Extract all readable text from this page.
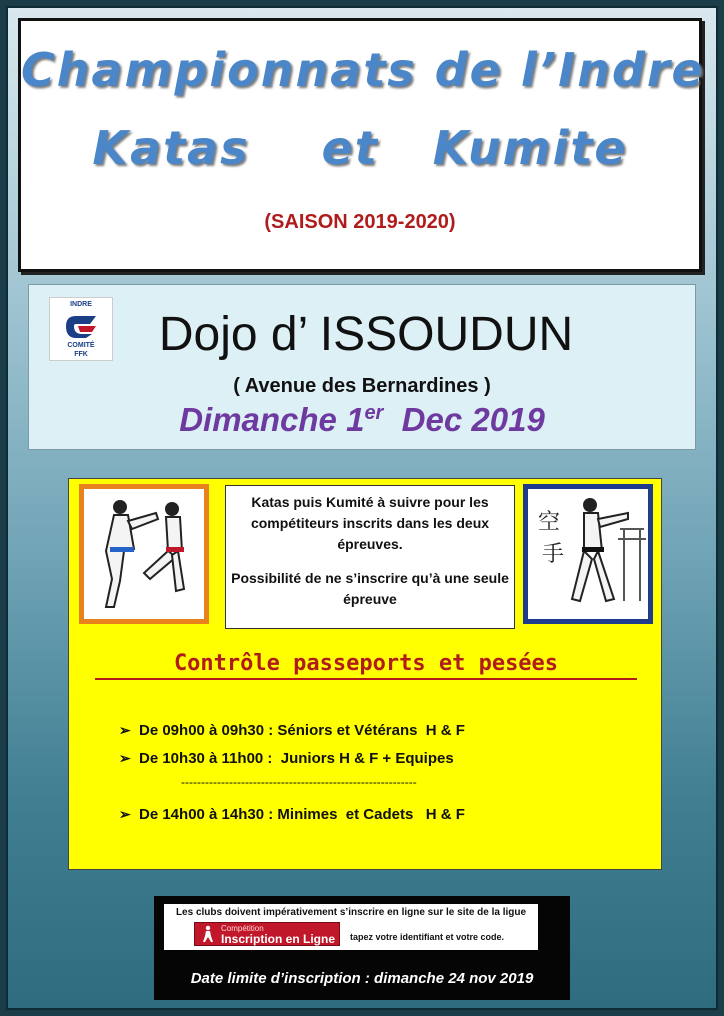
Championnats de l’Indre
Katas    et   Kumite
(SAISON 2019-2020)
INDRE
COMITÉ
FFK	Dojo d’ ISSOUDUN
( Avenue des Bernardines )
Dimanche 1er  Dec 2019

Katas puis Kumité à suivre pour les compétiteurs inscrits dans les deux épreuves.

Possibilité de ne s’inscrire qu’à une seule épreuve

空
手
Contrôle passeports et pesées
➢ De 09h00 à 09h30 : Séniors et Vétérans  H & F
➢ De 10h30 à 11h00 :  Juniors H & F + Equipes
-----------------------------------------------------------
➢ De 14h00 à 14h30 : Minimes  et Cadets   H & F
Les clubs doivent impérativement s’inscrire en ligne sur le site de la ligue
Compétition
Inscription en Ligne tapez votre identifiant et votre code.
Date limite d’inscription : dimanche 24 nov 2019
